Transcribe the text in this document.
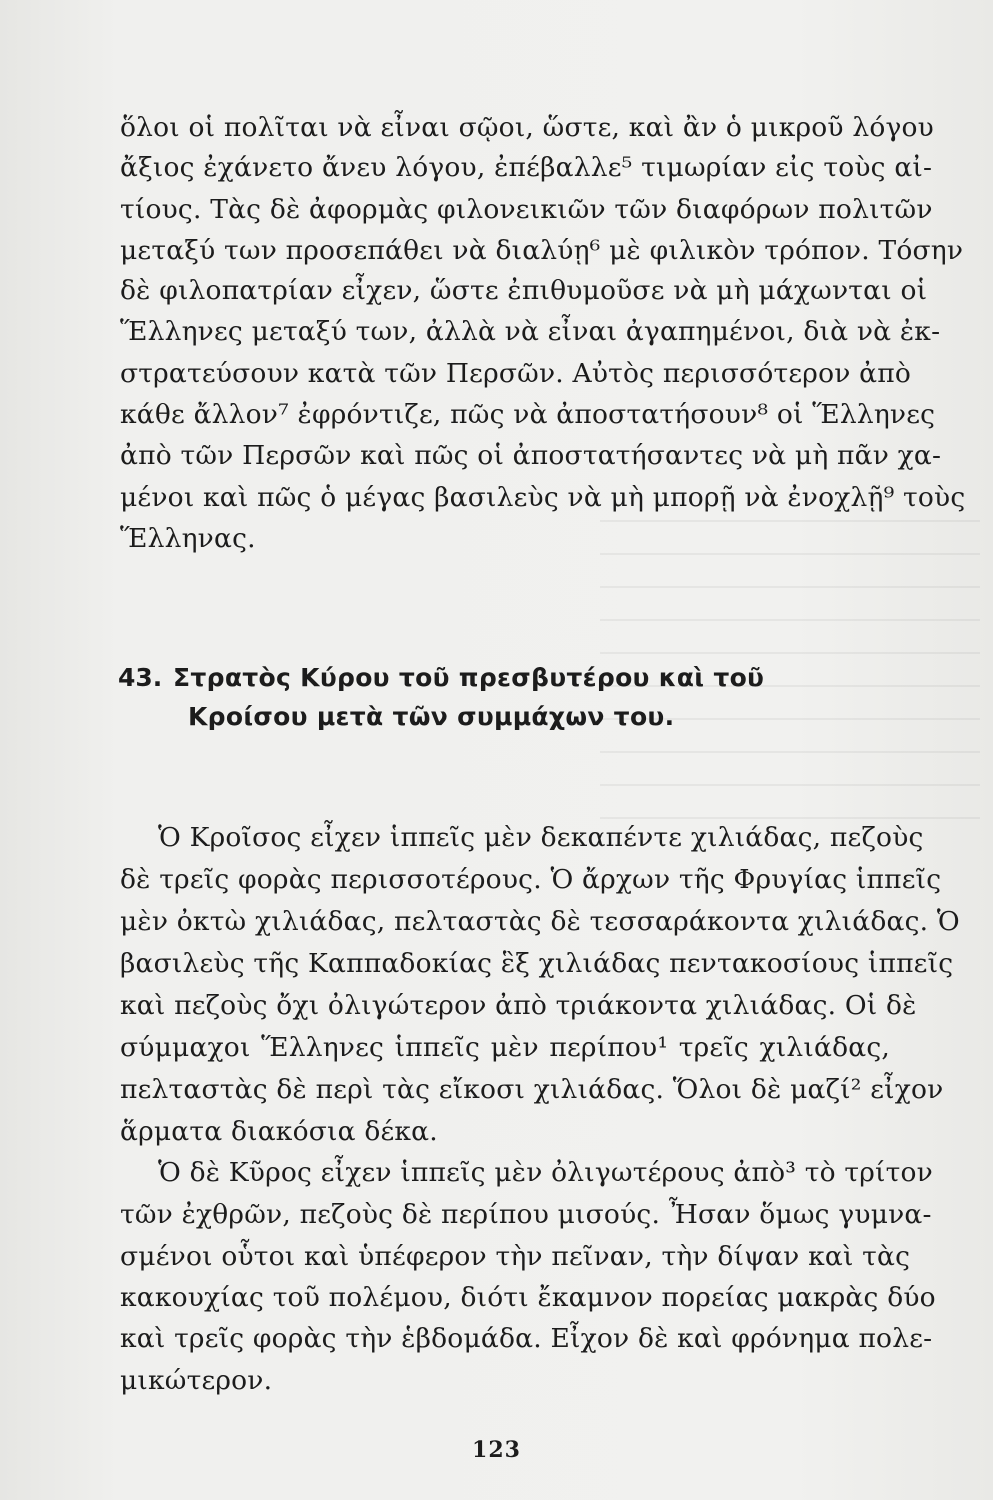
ὅλοι οἱ πολῖται νὰ εἶναι σῷοι, ὥστε, καὶ ἂν ὁ μικροῦ λόγου
ἄξιος ἐχάνετο ἄνευ λόγου, ἐπέβαλλε⁵ τιμωρίαν εἰς τοὺς αἰ-
τίους. Τὰς δὲ ἀφορμὰς φιλονεικιῶν τῶν διαφόρων πολιτῶν
μεταξύ των προσεπάθει νὰ διαλύῃ⁶ μὲ φιλικὸν τρόπον. Τόσην
δὲ φιλοπατρίαν εἶχεν, ὥστε ἐπιθυμοῦσε νὰ μὴ μάχωνται οἱ
Ἕλληνες μεταξύ των, ἀλλὰ νὰ εἶναι ἀγαπημένοι, διὰ νὰ ἐκ-
στρατεύσουν κατὰ τῶν Περσῶν. Αὐτὸς περισσότερον ἀπὸ
κάθε ἄλλον⁷ ἐφρόντιζε, πῶς νὰ ἀποστατήσουν⁸ οἱ Ἕλληνες
ἀπὸ τῶν Περσῶν καὶ πῶς οἱ ἀποστατήσαντες νὰ μὴ πᾶν χα-
μένοι καὶ πῶς ὁ μέγας βασιλεὺς νὰ μὴ μπορῇ νὰ ἐνοχλῇ⁹ τοὺς
Ἕλληνας.
43. Στρατὸς Κύρου τοῦ πρεσβυτέρου καὶ τοῦ
Κροίσου μετὰ τῶν συμμάχων του.
Ὁ Κροῖσος εἶχεν ἱππεῖς μὲν δεκαπέντε χιλιάδας, πεζοὺς
δὲ τρεῖς φορὰς περισσοτέρους. Ὁ ἄρχων τῆς Φρυγίας ἱππεῖς
μὲν ὀκτὼ χιλιάδας, πελταστὰς δὲ τεσσαράκοντα χιλιάδας. Ὁ
βασιλεὺς τῆς Καππαδοκίας ἓξ χιλιάδας πεντακοσίους ἱππεῖς
καὶ πεζοὺς ὄχι ὀλιγώτερον ἀπὸ τριάκοντα χιλιάδας. Οἱ δὲ
σύμμαχοι Ἕλληνες ἱππεῖς μὲν περίπου¹ τρεῖς χιλιάδας,
πελταστὰς δὲ περὶ τὰς εἴκοσι χιλιάδας. Ὅλοι δὲ μαζί² εἶχον
ἅρματα διακόσια δέκα.
Ὁ δὲ Κῦρος εἶχεν ἱππεῖς μὲν ὀλιγωτέρους ἀπὸ³ τὸ τρίτον
τῶν ἐχθρῶν, πεζοὺς δὲ περίπου μισούς. Ἦσαν ὅμως γυμνα-
σμένοι οὗτοι καὶ ὑπέφερον τὴν πεῖναν, τὴν δίψαν καὶ τὰς
κακουχίας τοῦ πολέμου, διότι ἔκαμνον πορείας μακρὰς δύο
καὶ τρεῖς φορὰς τὴν ἑβδομάδα. Εἶχον δὲ καὶ φρόνημα πολε-
μικώτερον.
123
